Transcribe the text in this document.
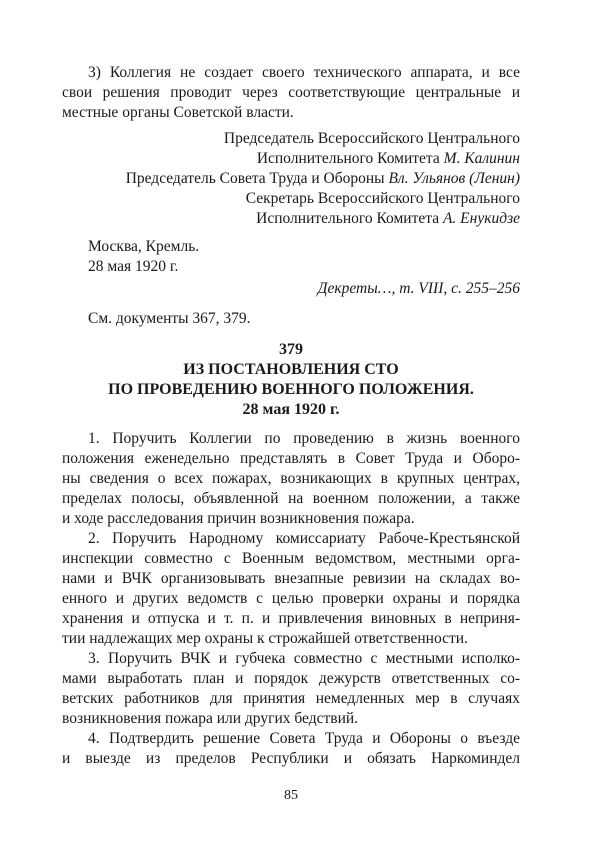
3) Коллегия не создает своего технического аппарата, и все
свои решения проводит через соответствующие центральные и
местные органы Советской власти.
Председатель Всероссийского Центрального
Исполнительного Комитета М. Калинин
Председатель Совета Труда и Обороны Вл. Ульянов (Ленин)
Секретарь Всероссийского Центрального
Исполнительного Комитета А. Енукидзе
Москва, Кремль.
28 мая 1920 г.
Декреты…, т. VIII, с. 255–256
См. документы 367, 379.
379
ИЗ ПОСТАНОВЛЕНИЯ СТО
ПО ПРОВЕДЕНИЮ ВОЕННОГО ПОЛОЖЕНИЯ.
28 мая 1920 г.
1. Поручить Коллегии по проведению в жизнь военного
положения еженедельно представлять в Совет Труда и Оборо-
ны сведения о всех пожарах, возникающих в крупных центрах,
пределах полосы, объявленной на военном положении, а также
и ходе расследования причин возникновения пожара.
2. Поручить Народному комиссариату Рабоче-Крестьянской
инспекции совместно с Военным ведомством, местными орга-
нами и ВЧК организовывать внезапные ревизии на складах во-
енного и других ведомств с целью проверки охраны и порядка
хранения и отпуска и т. п. и привлечения виновных в неприня-
тии надлежащих мер охраны к строжайшей ответственности.
3. Поручить ВЧК и губчека совместно с местными исполко-
мами выработать план и порядок дежурств ответственных со-
ветских работников для принятия немедленных мер в случаях
возникновения пожара или других бедствий.
4. Подтвердить решение Совета Труда и Обороны о въезде
и выезде из пределов Республики и обязать Наркоминдел
85
